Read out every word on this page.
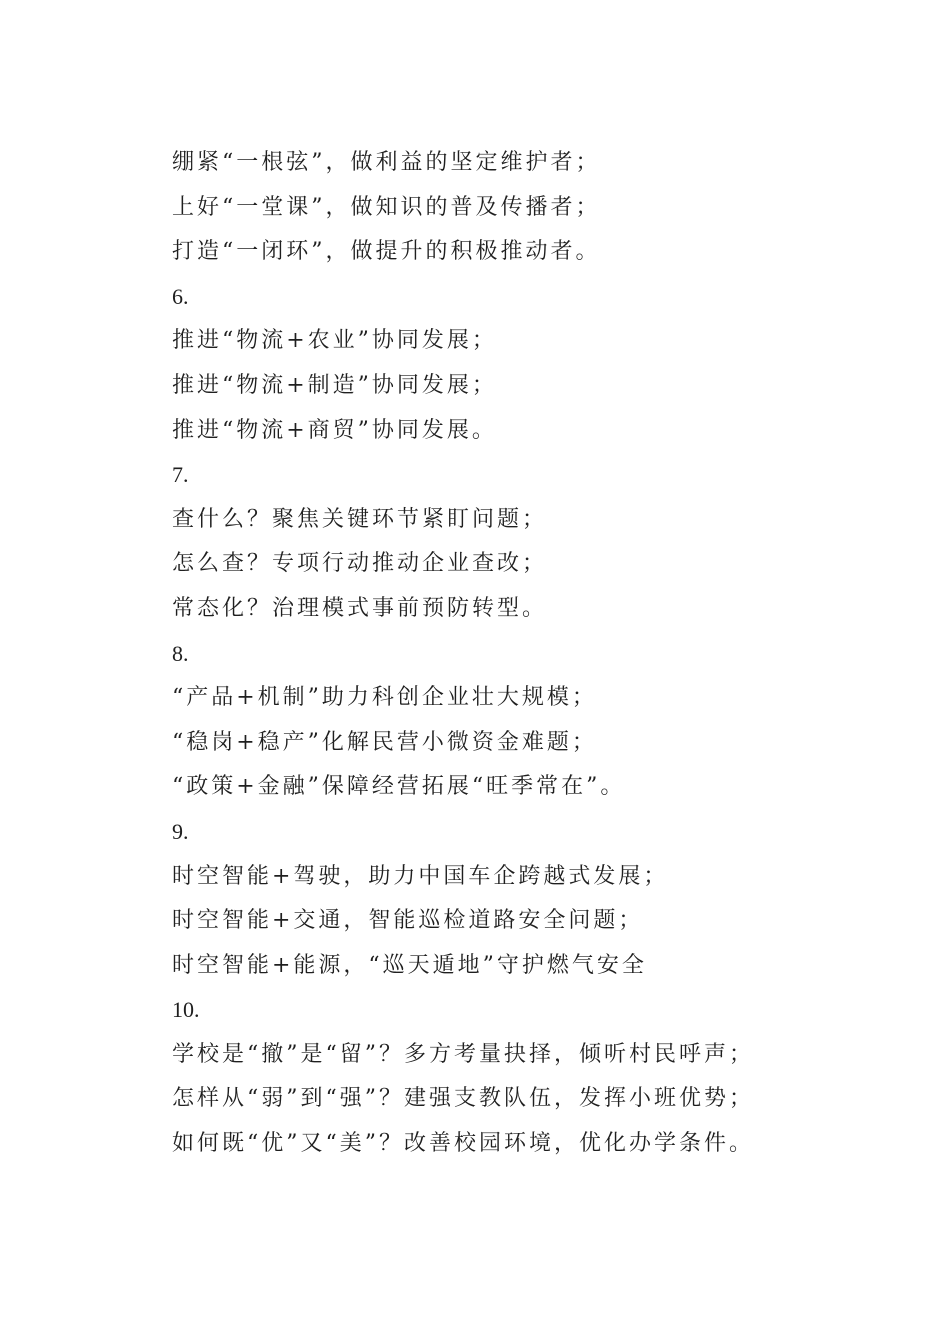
绷紧“一根弦”，做利益的坚定维护者；
上好“一堂课”，做知识的普及传播者；
打造“一闭环”，做提升的积极推动者。
6.
推进“物流+农业”协同发展；
推进“物流+制造”协同发展；
推进“物流+商贸”协同发展。
7.
查什么？聚焦关键环节紧盯问题；
怎么查？专项行动推动企业查改；
常态化？治理模式事前预防转型。
8.
“产品+机制”助力科创企业壮大规模；
“稳岗+稳产”化解民营小微资金难题；
“政策+金融”保障经营拓展“旺季常在”。
9.
时空智能+驾驶，助力中国车企跨越式发展；
时空智能+交通，智能巡检道路安全问题；
时空智能+能源，“巡天遁地”守护燃气安全
10.
学校是“撤”是“留”？多方考量抉择，倾听村民呼声；
怎样从“弱”到“强”？建强支教队伍，发挥小班优势；
如何既“优”又“美”？改善校园环境，优化办学条件。
